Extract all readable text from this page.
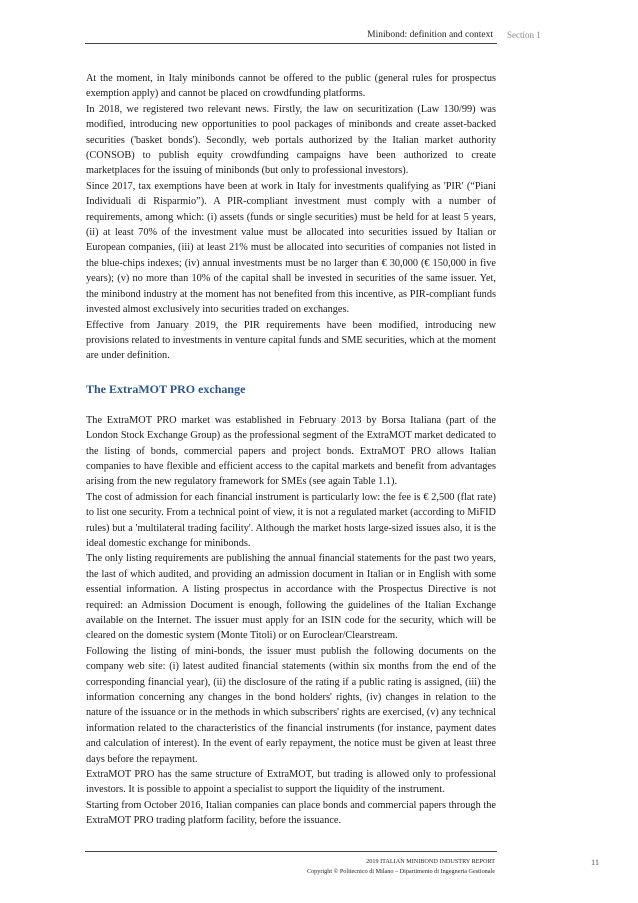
Minibond: definition and context Section 1

At the moment, in Italy minibonds cannot be offered to the public (general rules for prospectus exemption apply) and cannot be placed on crowdfunding platforms.

In 2018, we registered two relevant news. Firstly, the law on securitization (Law 130/99) was modified, introducing new opportunities to pool packages of minibonds and create asset-backed securities ('basket bonds'). Secondly, web portals authorized by the Italian market authority (CONSOB) to publish equity crowdfunding campaigns have been authorized to create marketplaces for the issuing of minibonds (but only to professional investors).

Since 2017, tax exemptions have been at work in Italy for investments qualifying as 'PIR' (“Piani Individuali di Risparmio”). A PIR-compliant investment must comply with a number of requirements, among which: (i) assets (funds or single securities) must be held for at least 5 years, (ii) at least 70% of the investment value must be allocated into securities issued by Italian or European companies, (iii) at least 21% must be allocated into securities of companies not listed in the blue-chips indexes; (iv) annual investments must be no larger than € 30,000 (€ 150,000 in five years); (v) no more than 10% of the capital shall be invested in securities of the same issuer. Yet, the minibond industry at the moment has not benefited from this incentive, as PIR-compliant funds invested almost exclusively into securities traded on exchanges.

Effective from January 2019, the PIR requirements have been modified, introducing new provisions related to investments in venture capital funds and SME securities, which at the moment are under definition.

The ExtraMOT PRO exchange

The ExtraMOT PRO market was established in February 2013 by Borsa Italiana (part of the London Stock Exchange Group) as the professional segment of the ExtraMOT market dedicated to the listing of bonds, commercial papers and project bonds. ExtraMOT PRO allows Italian companies to have flexible and efficient access to the capital markets and benefit from advantages arising from the new regulatory framework for SMEs (see again Table 1.1).

The cost of admission for each financial instrument is particularly low: the fee is € 2,500 (flat rate) to list one security. From a technical point of view, it is not a regulated market (according to MiFID rules) but a 'multilateral trading facility'. Although the market hosts large-sized issues also, it is the ideal domestic exchange for minibonds.

The only listing requirements are publishing the annual financial statements for the past two years, the last of which audited, and providing an admission document in Italian or in English with some essential information. A listing prospectus in accordance with the Prospectus Directive is not required: an Admission Document is enough, following the guidelines of the Italian Exchange available on the Internet. The issuer must apply for an ISIN code for the security, which will be cleared on the domestic system (Monte Titoli) or on Euroclear/Clearstream.

Following the listing of mini-bonds, the issuer must publish the following documents on the company web site: (i) latest audited financial statements (within six months from the end of the corresponding financial year), (ii) the disclosure of the rating if a public rating is assigned, (iii) the information concerning any changes in the bond holders' rights, (iv) changes in relation to the nature of the issuance or in the methods in which subscribers' rights are exercised, (v) any technical information related to the characteristics of the financial instruments (for instance, payment dates and calculation of interest). In the event of early repayment, the notice must be given at least three days before the repayment.

ExtraMOT PRO has the same structure of ExtraMOT, but trading is allowed only to professional investors. It is possible to appoint a specialist to support the liquidity of the instrument.

Starting from October 2016, Italian companies can place bonds and commercial papers through the ExtraMOT PRO trading platform facility, before the issuance.

2019 ITALIAN MINIBOND INDUSTRY REPORT
Copyright © Politecnico di Milano – Dipartimento di Ingegneria Gestionale
11
